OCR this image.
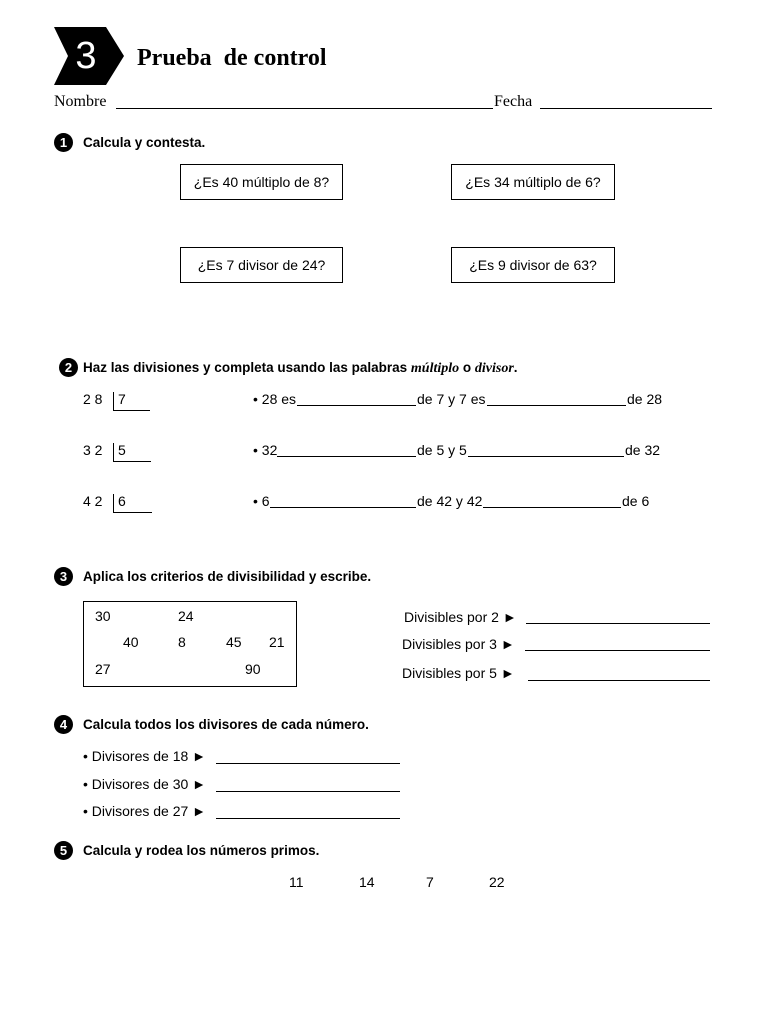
3	Prueba  de control
Nombre	Fecha
1	Calcula y contesta.
¿Es 40 múltiplo de 8?	¿Es 34 múltiplo de 6?
¿Es 7 divisor de 24?	¿Es 9 divisor de 63?
2 Haz las divisiones y completa usando las palabras múltiplo o divisor.
2 8 7	• 28 es	de 7 y 7 es	de 28
3 2 5	• 32	de 5 y 5	de 32
4 2 6	• 6	de 42 y 42	de 6
3	Aplica los criterios de divisibilidad y escribe.
30	24
40	8	45 21
27	90
Divisibles por 2 ►
Divisibles por 3 ►
Divisibles por 5 ►
4	Calcula todos los divisores de cada número.
• Divisores de 18 ►
• Divisores de 30 ►
• Divisores de 27 ►
5	Calcula y rodea los números primos.
11	14	7	22
